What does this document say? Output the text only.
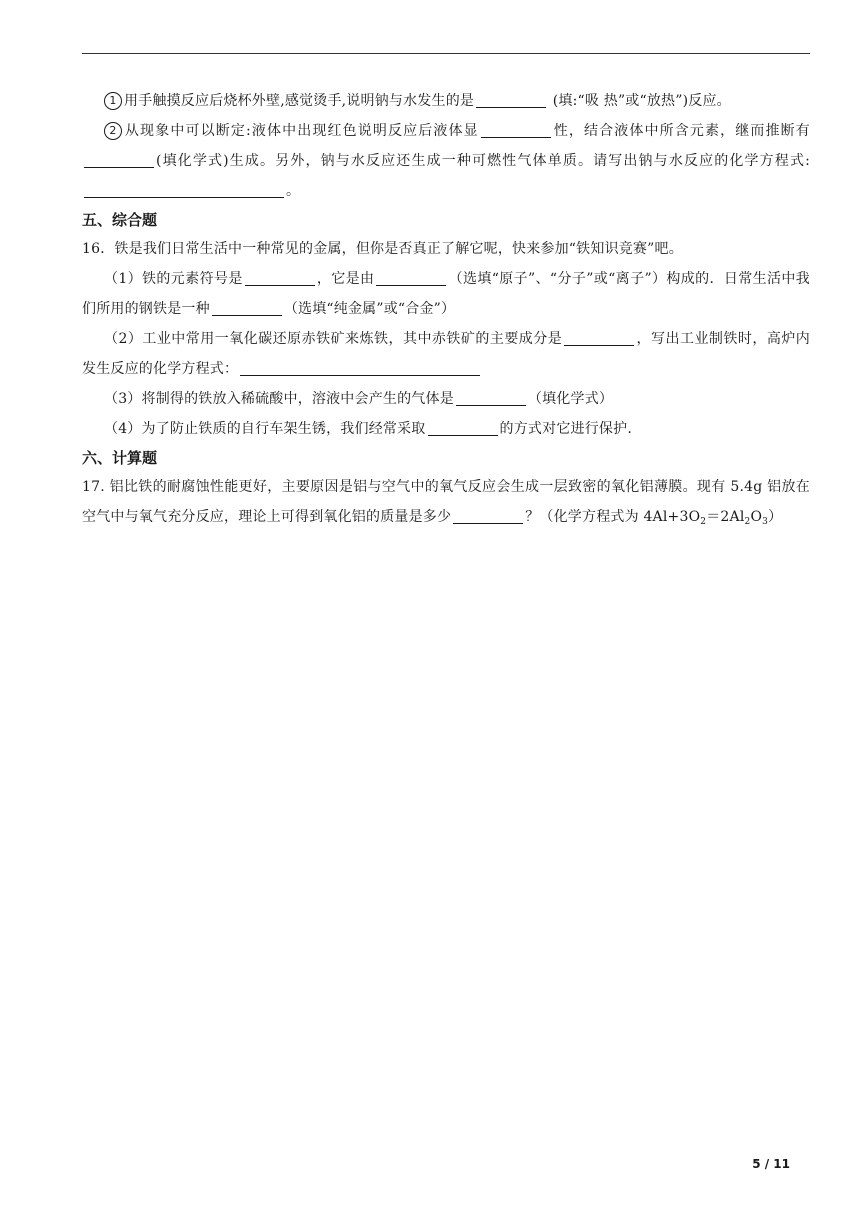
1 用手触摸反应后烧杯外壁,感觉烫手,说明钠与水发生的是	(填:“吸 热”或“放热”)反应。

2 从现象中可以断定:液体中出现红色说明反应后液体显	性，结合液体中所含元素，继而推断有(填化学式)生成。另外，钠与水反应还生成一种可燃性气体单质。请写出钠与水反应的化学方程式:。

五、综合题

16．铁是我们日常生活中一种常见的金属，但你是否真正了解它呢，快来参加“铁知识竞赛”吧。

（1）铁的元素符号是	，它是由	（选填“原子”、“分子”或“离子”）构成的．日常生活中我们所用的钢铁是一种	（选填“纯金属”或“合金”）

（2）工业中常用一氧化碳还原赤铁矿来炼铁，其中赤铁矿的主要成分是	，写出工业制铁时，高炉内发生反应的化学方程式：

（3）将制得的铁放入稀硫酸中，溶液中会产生的气体是	（填化学式）

（4）为了防止铁质的自行车架生锈，我们经常采取	的方式对它进行保护.

六、计算题

17. 铝比铁的耐腐蚀性能更好，主要原因是铝与空气中的氧气反应会生成一层致密的氧化铝薄膜。现有 5.4g 铝放在空气中与氧气充分反应，理论上可得到氧化铝的质量是多少	？（化学方程式为 $4Al+3O_2=2Al_2O_3$）

5 / 11
